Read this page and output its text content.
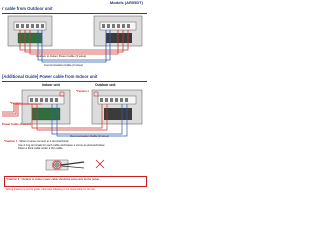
Models (AR05DT)
r cable from Outdoor unit
Outdoor to Indoor Power Cable (3 wires)
Communication Cable (2 wires)
[Additional Guide] Power cable from Indoor unit
Indoor unit	Outdoor unit
*Caution 1
*Caution 1
Power Cable (3 wires)
Communication Cable (2 wires)
*Caution 1 : When 2 wires connect to 1 terminal block
Use 2 ring terminals for each cable and fasten a screw as pictured below.
Place a thick cable under a thin cable.
*Caution 2 : Outdoor to Indoor power cable should be same size as the power...
Wiring drawing is just for guide, otherwise following is not responsible for the site.
